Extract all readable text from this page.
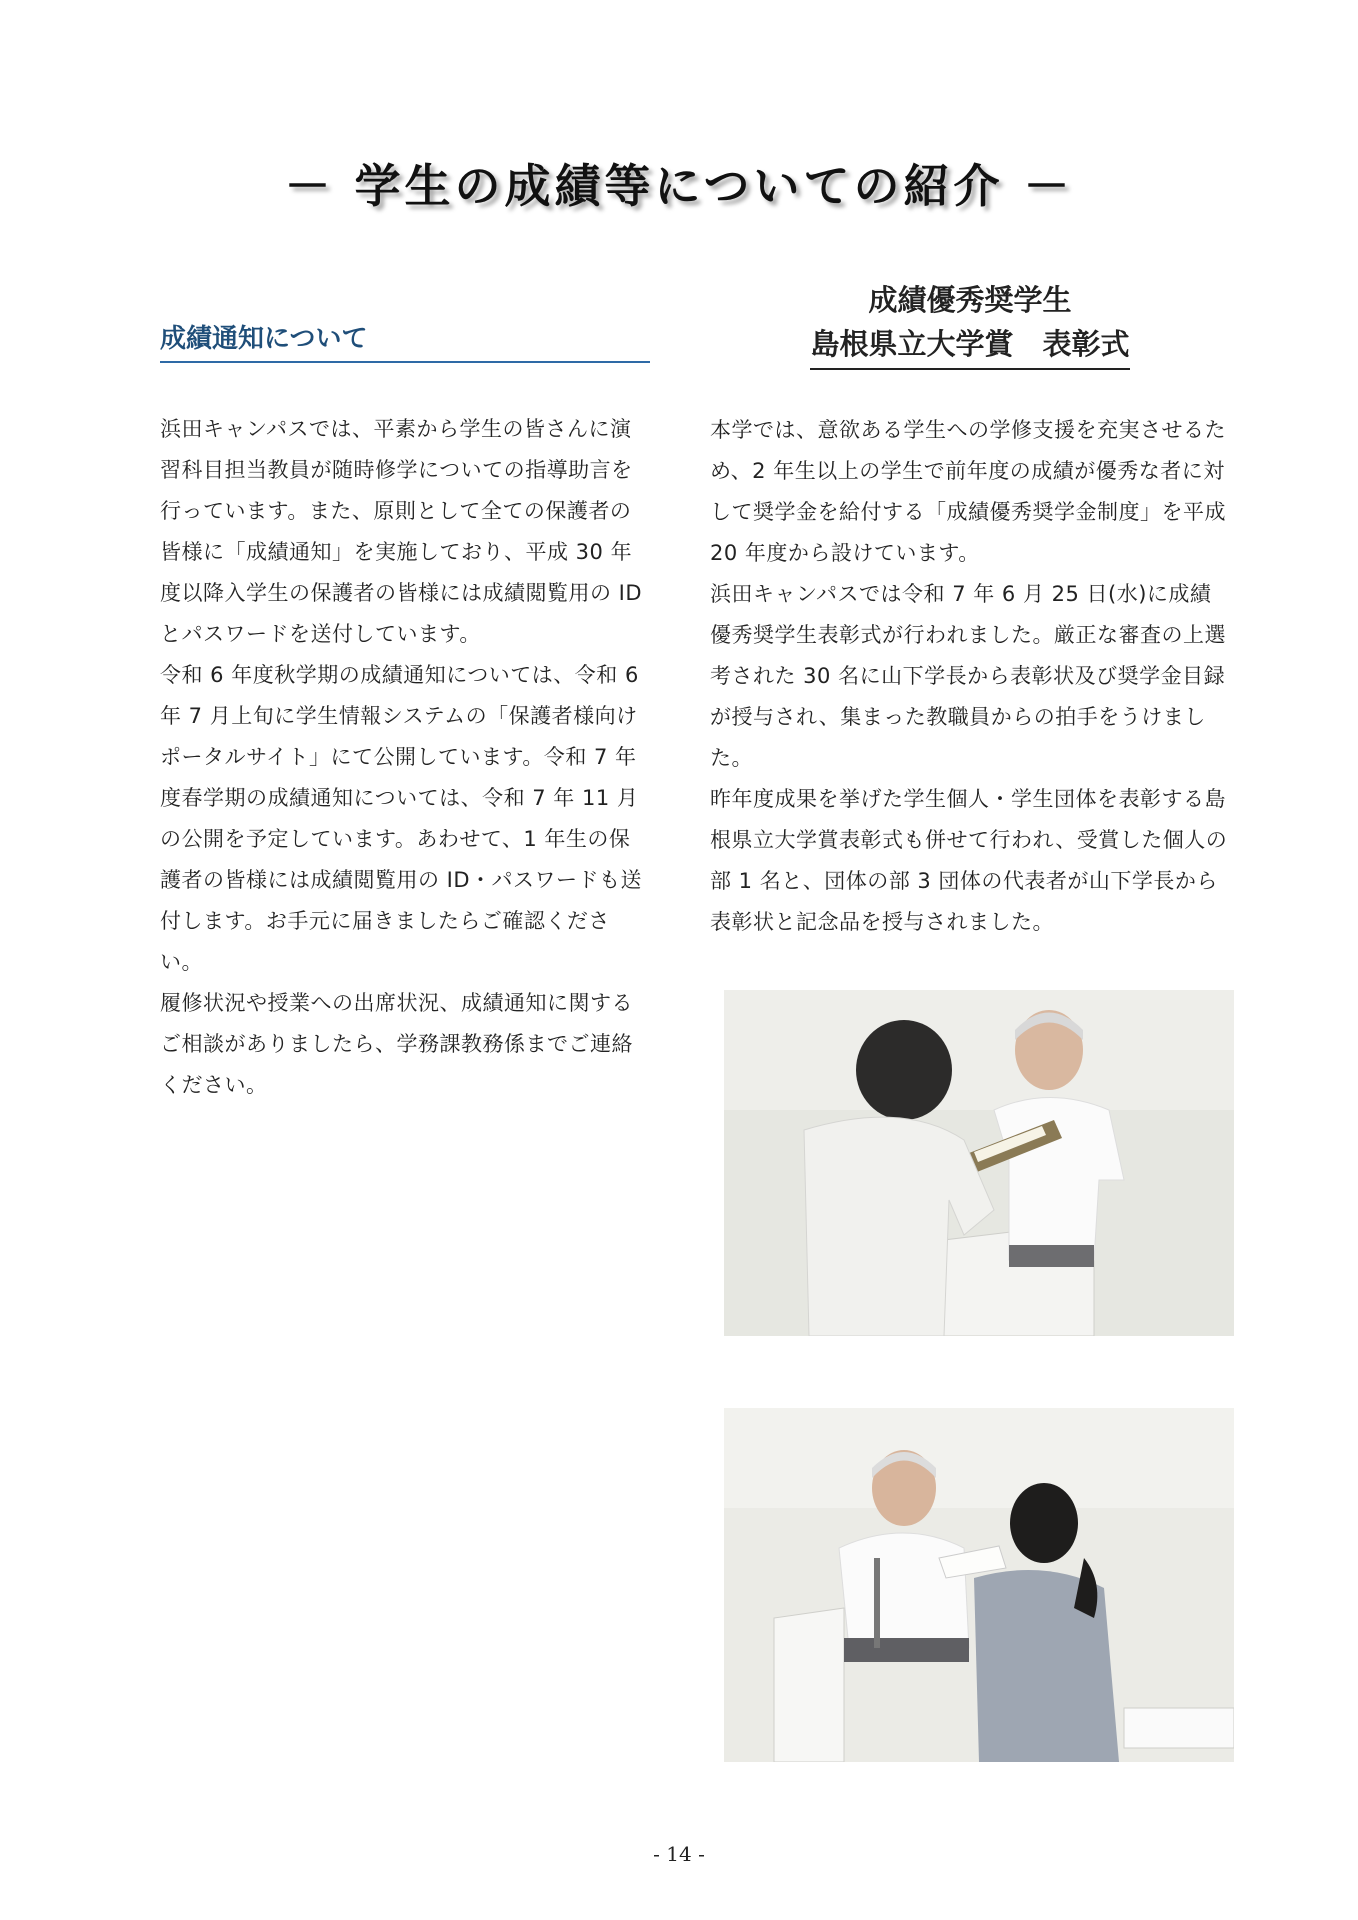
－ 学生の成績等についての紹介 －
成績通知について

浜田キャンパスでは、平素から学生の皆さんに演習科目担当教員が随時修学についての指導助言を行っています。また、原則として全ての保護者の皆様に「成績通知」を実施しており、平成 30 年度以降入学生の保護者の皆様には成績閲覧用の ID とパスワードを送付しています。

令和 6 年度秋学期の成績通知については、令和 6 年 7 月上旬に学生情報システムの「保護者様向けポータルサイト」にて公開しています。令和 7 年度春学期の成績通知については、令和 7 年 11 月の公開を予定しています。あわせて、1 年生の保護者の皆様には成績閲覧用の ID・パスワードも送付します。お手元に届きましたらご確認ください。

履修状況や授業への出席状況、成績通知に関するご相談がありましたら、学務課教務係までご連絡ください。

成績優秀奨学生
島根県立大学賞　表彰式

本学では、意欲ある学生への学修支援を充実させるため、2 年生以上の学生で前年度の成績が優秀な者に対して奨学金を給付する「成績優秀奨学金制度」を平成 20 年度から設けています。

浜田キャンパスでは令和 7 年 6 月 25 日(水)に成績優秀奨学生表彰式が行われました。厳正な審査の上選考された 30 名に山下学長から表彰状及び奨学金目録が授与され、集まった教職員からの拍手をうけました。

昨年度成果を挙げた学生個人・学生団体を表彰する島根県立大学賞表彰式も併せて行われ、受賞した個人の部 1 名と、団体の部 3 団体の代表者が山下学長から表彰状と記念品を授与されました。

- 14 -
